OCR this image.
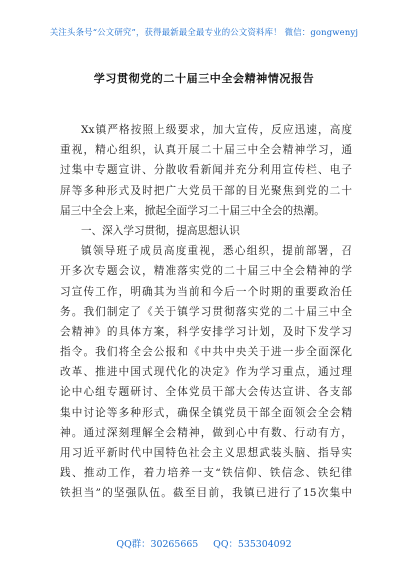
关注头条号“公文研究”，获得最新最全最专业的公文资料库！ 微信：gongwenyj
学习贯彻党的二十届三中全会精神情况报告
Xx镇严格按照上级要求，加大宣传，反应迅速，高度
重视，精心组织，认真开展二十届三中全会精神学习，通
过集中专题宣讲、分散收看新闻并充分利用宣传栏、电子
屏等多种形式及时把广大党员干部的目光聚焦到党的二十
届三中全会上来，掀起全面学习二十届三中全会的热潮。
一、深入学习贯彻，提高思想认识
镇领导班子成员高度重视，悉心组织，提前部署，召
开多次专题会议，精准落实党的二十届三中全会精神的学
习宣传工作，明确其为当前和今后一个时期的重要政治任
务。我们制定了《关于镇学习贯彻落实党的二十届三中全
会精神》的具体方案，科学安排学习计划，及时下发学习
指令。我们将全会公报和《中共中央关于进一步全面深化
改革、推进中国式现代化的决定》作为学习重点，通过理
论中心组专题研讨、全体党员干部大会传达宣讲、各支部
集中讨论等多种形式，确保全镇党员干部全面领会全会精
神。通过深刻理解全会精神，做到心中有数、行动有方，
用习近平新时代中国特色社会主义思想武装头脑、指导实
践、推动工作，着力培养一支“铁信仰、铁信念、铁纪律
铁担当”的坚强队伍。截至目前，我镇已进行了15次集中
QQ群：30265665     QQ：535304092
